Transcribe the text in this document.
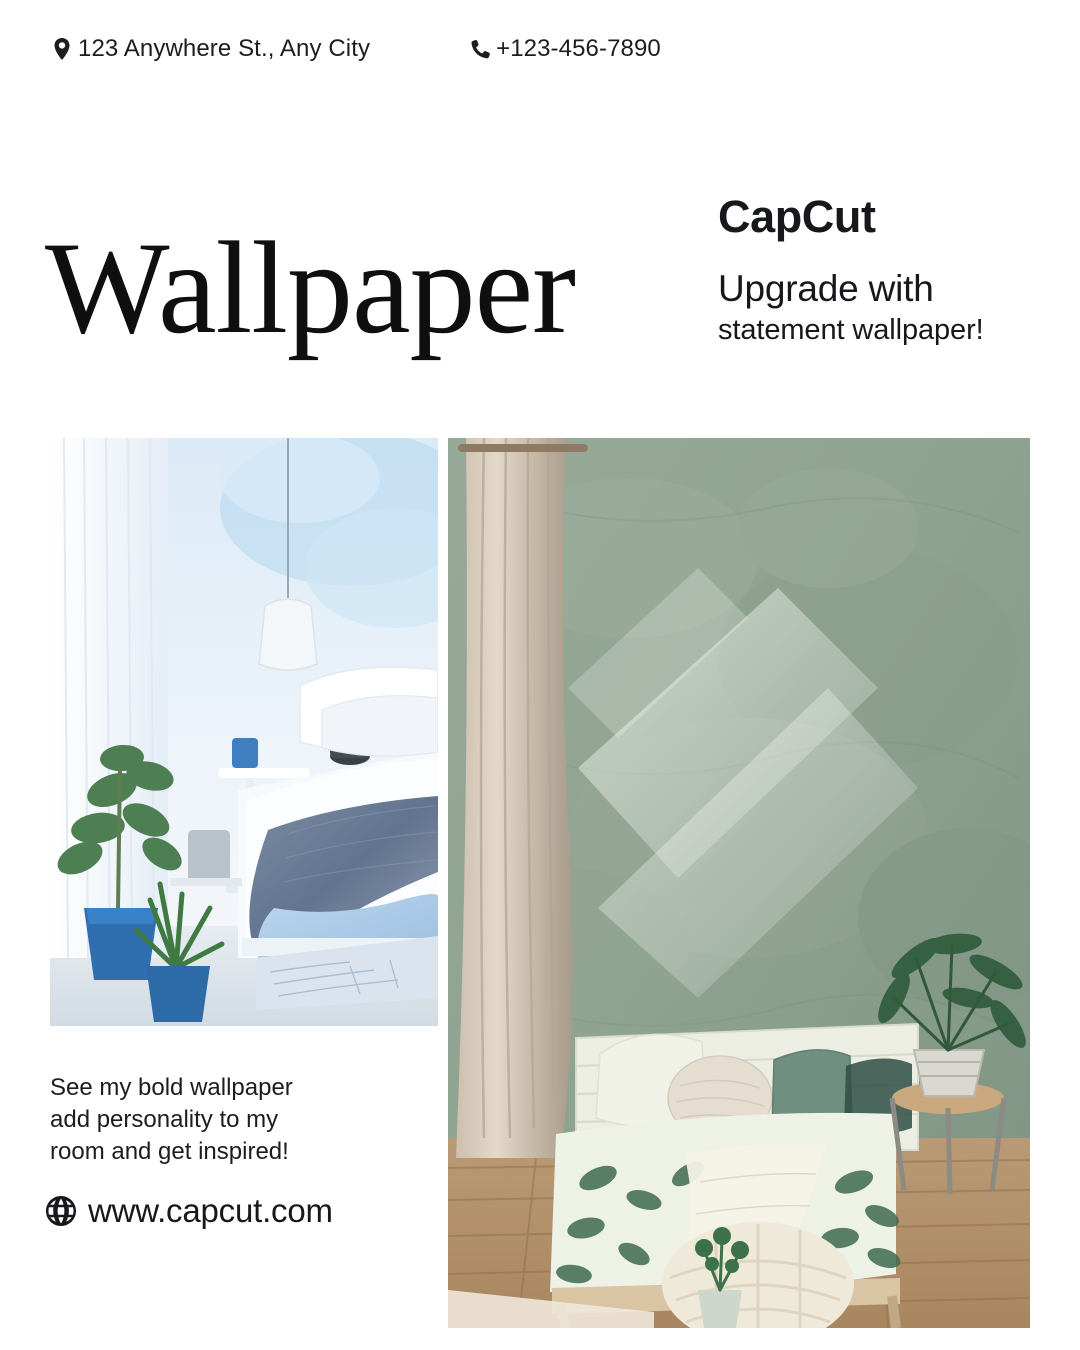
123 Anywhere St., Any City	+123-456-7890
Wallpaper	CapCut
Upgrade with
statement wallpaper!
See my bold wallpaper
add personality to my
room and get inspired!
www.capcut.com
